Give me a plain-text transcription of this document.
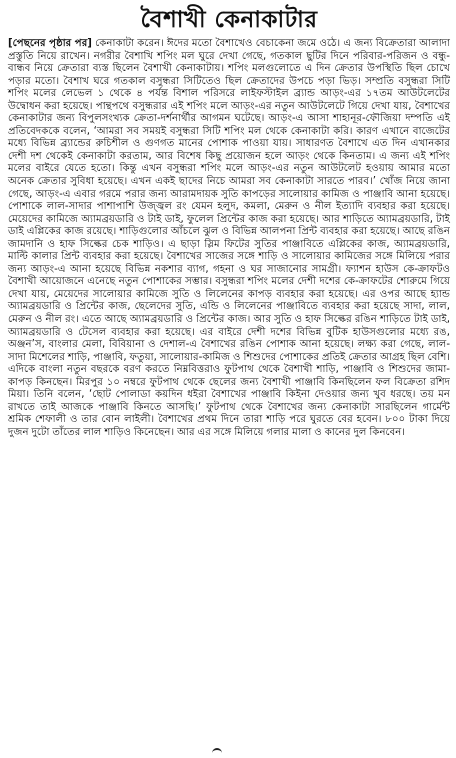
বৈশাখী কেনাকাটার

[পেছনের পৃষ্ঠার পর] কেনাকাটা করেন। ঈদের মতো বৈশাখেও বেচাকেনা জমে ওঠে। এ জন্য বিক্রেতারা আলাদা প্রস্তুতি নিয়ে রাখেন। নগরীর বৈশাখি শপিং মল ঘুরে দেখা গেছে, গতকাল ছুটির দিনে পরিবার-পরিজন ও বন্ধু-বান্ধব নিয়ে ক্রেতারা ব্যস্ত ছিলেন বৈশাখী কেনাকাটায়। শপিং মলগুলোতে এ দিন ক্রেতার উপস্থিতি ছিল চোখে পড়ার মতো। বৈশাখ ঘরে গতকাল বসুন্ধরা সিটিতেও ছিল ক্রেতাদের উপচে পড়া ভিড়। সম্প্রতি বসুন্ধরা সিটি শপিং মলের লেভেল ১ থেকে ৪ পর্যন্ত বিশাল পরিসরে লাইফস্টাইল ব্র্যান্ড আড়ং-এর ১৭তম আউটলেটের উদ্বোধন করা হয়েছে। পান্থপথে বসুন্ধরার এই শপিং মলে আড়ং-এর নতুন আউটলেটে গিয়ে দেখা যায়, বৈশাখের কেনাকাটার জন্য বিপুলসংখ্যক ক্রেতা-দর্শনার্থীর আগমন ঘটেছে। আড়ং-এ আসা শাহানূর-ফৌজিয়া দম্পতি এই প্রতিবেদককে বলেন, ‘আমরা সব সময়ই বসুন্ধরা সিটি শপিং মল থেকে কেনাকাটা করি। কারণ এখানে বাজেটের মধ্যে বিভিন্ন ব্র্যান্ডের রুচিশীল ও গুণগত মানের পোশাক পাওয়া যায়। সাধারণত বৈশাখে এত দিন এখানকার দেশী দশ থেকেই কেনাকাটা করতাম, আর বিশেষ কিছু প্রয়োজন হলে আড়ং থেকে কিনতাম। এ জন্য এই শপিং মলের বাইরে যেতে হতো। কিন্তু এখন বসুন্ধরা শপিং মলে আড়ং-এর নতুন আউটলেট হওয়ায় আমার মতো অনেক ক্রেতার সুবিধা হয়েছে। এখন একই ছাদের নিচে আমরা সব কেনাকাটা সারতে পারব।’ খোঁজ নিয়ে জানা গেছে, আড়ং-এ এবার গরমে পরার জন্য আরামদায়ক সুতি কাপড়ের সালোয়ার কামিজ ও পাঞ্জাবি আনা হয়েছে। পোশাকে লাল-সাদার পাশাপাশি উজ্জ্বল রং যেমন হলুদ, কমলা, মেরুন ও নীল ইত্যাদি ব্যবহার করা হয়েছে। মেয়েদের কামিজে অ্যামব্রয়ডারি ও টাই ডাই, ফুলেল প্রিন্টের কাজ করা হয়েছে। আর শাড়িতে অ্যামব্রয়ডারি, টাই ডাই এপ্লিকের কাজ রয়েছে। শাড়িগুলোর আঁচলে ঝুল ও বিভিন্ন আলপনা প্রিন্ট ব্যবহার করা হয়েছে। আছে রঙিন জামদানি ও হাফ সিল্কের চেক শাড়িও। এ ছাড়া স্লিম ফিটের সুতির পাঞ্জাবিতে এপ্লিকের কাজ, অ্যামব্রয়ডারি, মাল্টি কালার প্রিন্ট ব্যবহার করা হয়েছে। বৈশাখের সাজের সঙ্গে শাড়ি ও সালোয়ার কামিজের সঙ্গে মিলিয়ে পরার জন্য আড়ং-এ আনা হয়েছে বিভিন্ন নকশার ব্যাগ, গহনা ও ঘর সাজানোর সামগ্রী। ফ্যাশন হাউস কে-ক্রাফটও বৈশাখী আয়োজনে এনেছে নতুন পোশাকের সম্ভার। বসুন্ধরা শপিং মলের দেশী দশের কে-ক্রাফটের শোরুমে গিয়ে দেখা যায়, মেয়েদের সালোয়ার কামিজে সুতি ও লিলেনের কাপড় ব্যবহার করা হয়েছে। এর ওপর আছে হ্যান্ড অ্যামব্রয়ডারি ও প্রিন্টের কাজ, ছেলেদের সুতি, এন্ডি ও লিলেনের পাঞ্জাবিতে ব্যবহার করা হয়েছে সাদা, লাল, মেরুন ও নীল রং। এতে আছে অ্যামব্রয়ডারি ও প্রিন্টের কাজ। আর সুতি ও হাফ সিল্কের রঙিন শাড়িতে টাই ডাই, অ্যামব্রয়ডারি ও টেসেল ব্যবহার করা হয়েছে। এর বাইরে দেশী দশের বিভিন্ন বুটিক হাউসগুলোর মধ্যে রঙ, অঞ্জন’স, বাংলার মেলা, বিবিয়ানা ও দেশাল-এ বৈশাখের রঙিন পোশাক আনা হয়েছে। লক্ষ্য করা গেছে, লাল-সাদা মিশেলের শাড়ি, পাঞ্জাবি, ফতুয়া, সালোয়ার-কামিজ ও শিশুদের পোশাকের প্রতিই ক্রেতার আগ্রহ ছিল বেশি। এদিকে বাংলা নতুন বছরকে বরণ করতে নিম্নবিত্তরাও ফুটপাথ থেকে বৈশাখী শাড়ি, পাঞ্জাবি ও শিশুদের জামা-কাপড় কিনছেন। মিরপুর ১০ নম্বরে ফুটপাথ থেকে ছেলের জন্য বৈশাখী পাঞ্জাবি কিনছিলেন ফল বিক্রেতা রশিদ মিয়া। তিনি বলেন, ‘ছোট পোলাডা কয়দিন ধইরা বৈশাখের পাঞ্জাবি কিইনা দেওয়ার জন্য খুব ধরছে। তয় মন রাখতে তাই আজকে পাঞ্জাবি কিনতে আসছি।’ ফুটপাথ থেকে বৈশাখের জন্য কেনাকাটা সারছিলেন গার্মেন্ট শ্রমিক শেফালী ও তার বোন লাইলী। বৈশাখের প্রথম দিনে তারা শাড়ি পরে ঘুরতে বের হবেন। ৮০০ টাকা দিয়ে দুজন দুটো তাঁতের লাল শাড়িও কিনেছেন। আর এর সঙ্গে মিলিয়ে গলার মালা ও কানের দুল কিনবেন।
